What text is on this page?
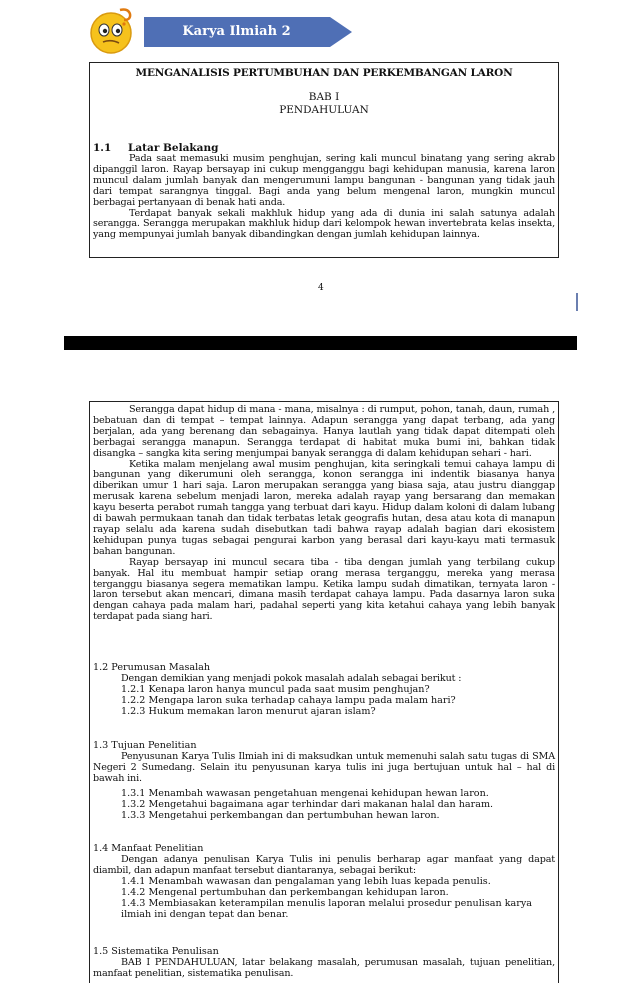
Karya Ilmiah 2
MENGANALISIS PERTUMBUHAN DAN PERKEMBANGAN LARON
BAB I
PENDAHULUAN
1.1 Latar Belakang

Pada saat memasuki musim penghujan, sering kali muncul binatang yang sering akrab dipanggil laron. Rayap bersayap ini cukup mengganggu bagi kehidupan manusia, karena laron muncul dalam jumlah banyak dan mengerumuni lampu bangunan - bangunan yang tidak jauh dari tempat sarangnya tinggal. Bagi anda yang belum mengenal laron, mungkin muncul berbagai pertanyaan di benak hati anda.

Terdapat banyak sekali makhluk hidup yang ada di dunia ini salah satunya adalah serangga. Serangga merupakan makhluk hidup dari kelompok hewan invertebrata kelas insekta, yang mempunyai jumlah banyak dibandingkan dengan jumlah kehidupan lainnya.

4

Serangga dapat hidup di mana - mana, misalnya : di rumput, pohon, tanah, daun, rumah , bebatuan dan di tempat – tempat lainnya. Adapun serangga yang dapat terbang, ada yang berjalan, ada yang berenang dan sebagainya. Hanya lautlah yang tidak dapat ditempati oleh berbagai serangga manapun. Serangga terdapat di habitat muka bumi ini, bahkan tidak disangka – sangka kita sering menjumpai banyak serangga di dalam kehidupan sehari - hari.

Ketika malam menjelang awal musim penghujan, kita seringkali temui cahaya lampu di bangunan yang dikerumuni oleh serangga, konon serangga ini indentik biasanya hanya diberikan umur 1 hari saja. Laron merupakan serangga yang biasa saja, atau justru dianggap merusak karena sebelum menjadi laron, mereka adalah rayap yang bersarang dan memakan kayu beserta perabot rumah tangga yang terbuat dari kayu. Hidup dalam koloni di dalam lubang di bawah permukaan tanah dan tidak terbatas letak geografis hutan, desa atau kota di manapun rayap selalu ada karena sudah disebutkan tadi bahwa rayap adalah bagian dari ekosistem kehidupan punya tugas sebagai pengurai karbon yang berasal dari kayu-kayu mati termasuk bahan bangunan.

Rayap bersayap ini muncul secara tiba - tiba dengan jumlah yang terbilang cukup banyak. Hal itu membuat hampir setiap orang merasa terganggu, mereka yang merasa terganggu biasanya segera mematikan lampu. Ketika lampu sudah dimatikan, ternyata laron - laron tersebut akan mencari, dimana masih terdapat cahaya lampu. Pada dasarnya laron suka dengan cahaya pada malam hari, padahal seperti yang kita ketahui cahaya yang lebih banyak terdapat pada siang hari.

1.2 Perumusan Masalah
Dengan demikian yang menjadi pokok masalah adalah sebagai berikut :
1.2.1 Kenapa laron hanya muncul pada saat musim penghujan?
1.2.2 Mengapa laron suka terhadap cahaya lampu pada malam hari?
1.2.3 Hukum memakan laron menurut ajaran islam?
1.3 Tujuan Penelitian
Penyusunan Karya Tulis Ilmiah ini di maksudkan untuk memenuhi salah satu tugas di SMA Negeri 2 Sumedang. Selain itu penyusunan karya tulis ini juga bertujuan untuk hal – hal di bawah ini.
1.3.1 Menambah wawasan pengetahuan mengenai kehidupan hewan laron.
1.3.2 Mengetahui bagaimana agar terhindar dari makanan halal dan haram.
1.3.3 Mengetahui perkembangan dan pertumbuhan hewan laron.
1.4 Manfaat Penelitian
Dengan adanya penulisan Karya Tulis ini penulis berharap agar manfaat yang dapat diambil, dan adapun manfaat tersebut diantaranya, sebagai berikut:
1.4.1 Menambah wawasan dan pengalaman yang lebih luas kepada penulis.
1.4.2 Mengenal pertumbuhan dan perkembangan kehidupan laron.
1.4.3 Membiasakan keterampilan menulis laporan melalui prosedur penulisan karya ilmiah ini dengan tepat dan benar.
1.5 Sistematika Penulisan
BAB I PENDAHULUAN, latar belakang masalah, perumusan masalah, tujuan penelitian, manfaat penelitian, sistematika penulisan.
